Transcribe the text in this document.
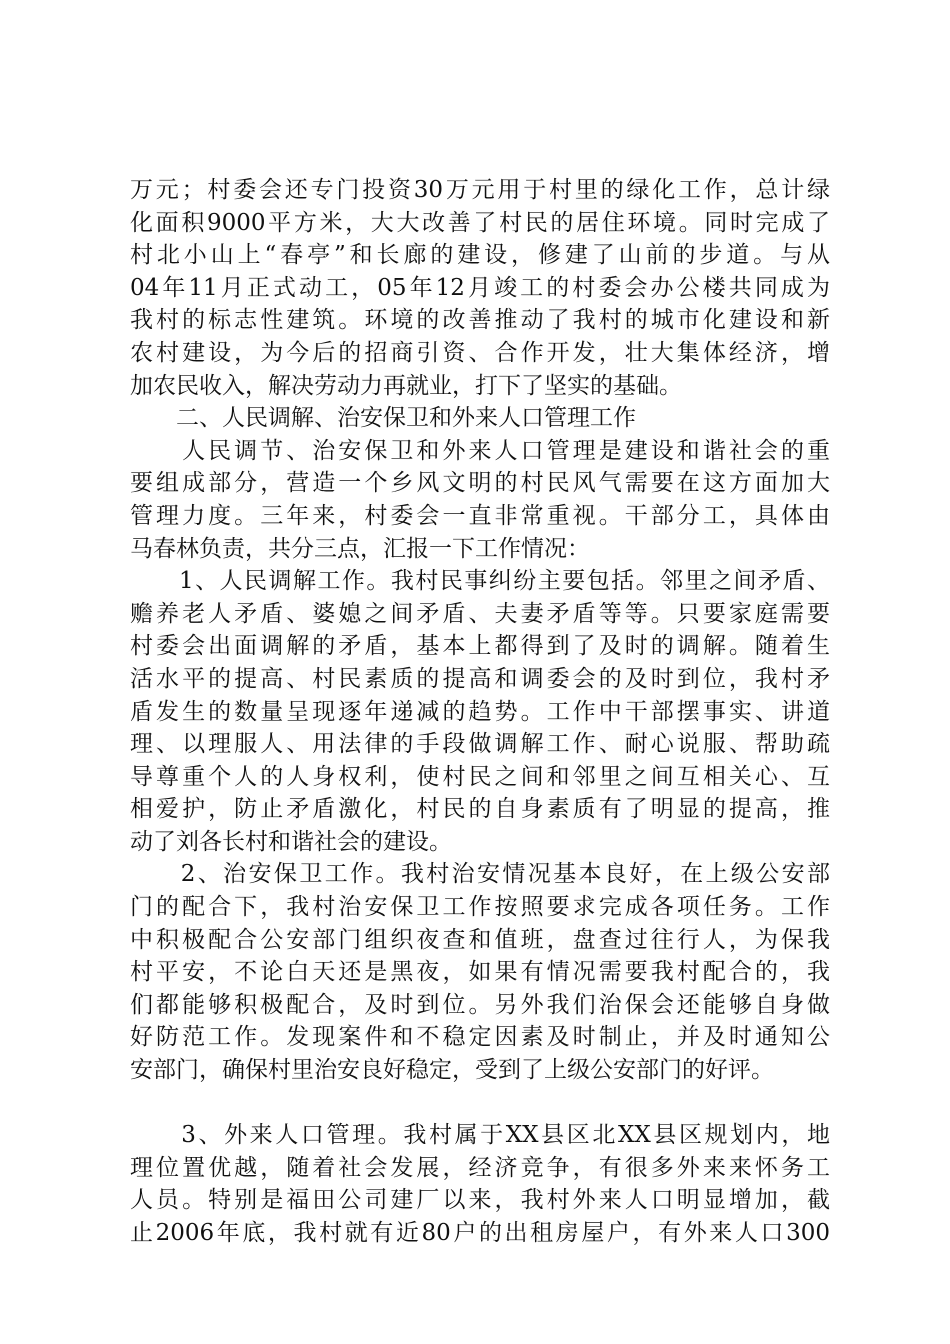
万元；村委会还专门投资30万元用于村里的绿化工作，总计绿
化面积9000平方米，大大改善了村民的居住环境。同时完成了
村北小山上“春亭”和长廊的建设，修建了山前的步道。与从
04年11月正式动工，05年12月竣工的村委会办公楼共同成为
我村的标志性建筑。环境的改善推动了我村的城市化建设和新
农村建设，为今后的招商引资、合作开发，壮大集体经济，增
加农民收入，解决劳动力再就业，打下了坚实的基础。
　　二、人民调解、治安保卫和外来人口管理工作
　　人民调节、治安保卫和外来人口管理是建设和谐社会的重
要组成部分，营造一个乡风文明的村民风气需要在这方面加大
管理力度。三年来，村委会一直非常重视。干部分工，具体由
马春林负责，共分三点，汇报一下工作情况：
　　1、人民调解工作。我村民事纠纷主要包括。邻里之间矛盾、
赡养老人矛盾、婆媳之间矛盾、夫妻矛盾等等。只要家庭需要
村委会出面调解的矛盾，基本上都得到了及时的调解。随着生
活水平的提高、村民素质的提高和调委会的及时到位，我村矛
盾发生的数量呈现逐年递减的趋势。工作中干部摆事实、讲道
理、以理服人、用法律的手段做调解工作、耐心说服、帮助疏
导尊重个人的人身权利，使村民之间和邻里之间互相关心、互
相爱护，防止矛盾激化，村民的自身素质有了明显的提高，推
动了刘各长村和谐社会的建设。
　　2、治安保卫工作。我村治安情况基本良好，在上级公安部
门的配合下，我村治安保卫工作按照要求完成各项任务。工作
中积极配合公安部门组织夜查和值班，盘查过往行人，为保我
村平安，不论白天还是黑夜，如果有情况需要我村配合的，我
们都能够积极配合，及时到位。另外我们治保会还能够自身做
好防范工作。发现案件和不稳定因素及时制止，并及时通知公
安部门，确保村里治安良好稳定，受到了上级公安部门的好评。
　　3、外来人口管理。我村属于XX县区北XX县区规划内，地
理位置优越，随着社会发展，经济竞争，有很多外来来怀务工
人员。特别是福田公司建厂以来，我村外来人口明显增加，截
止2006年底，我村就有近80户的出租房屋户，有外来人口300
